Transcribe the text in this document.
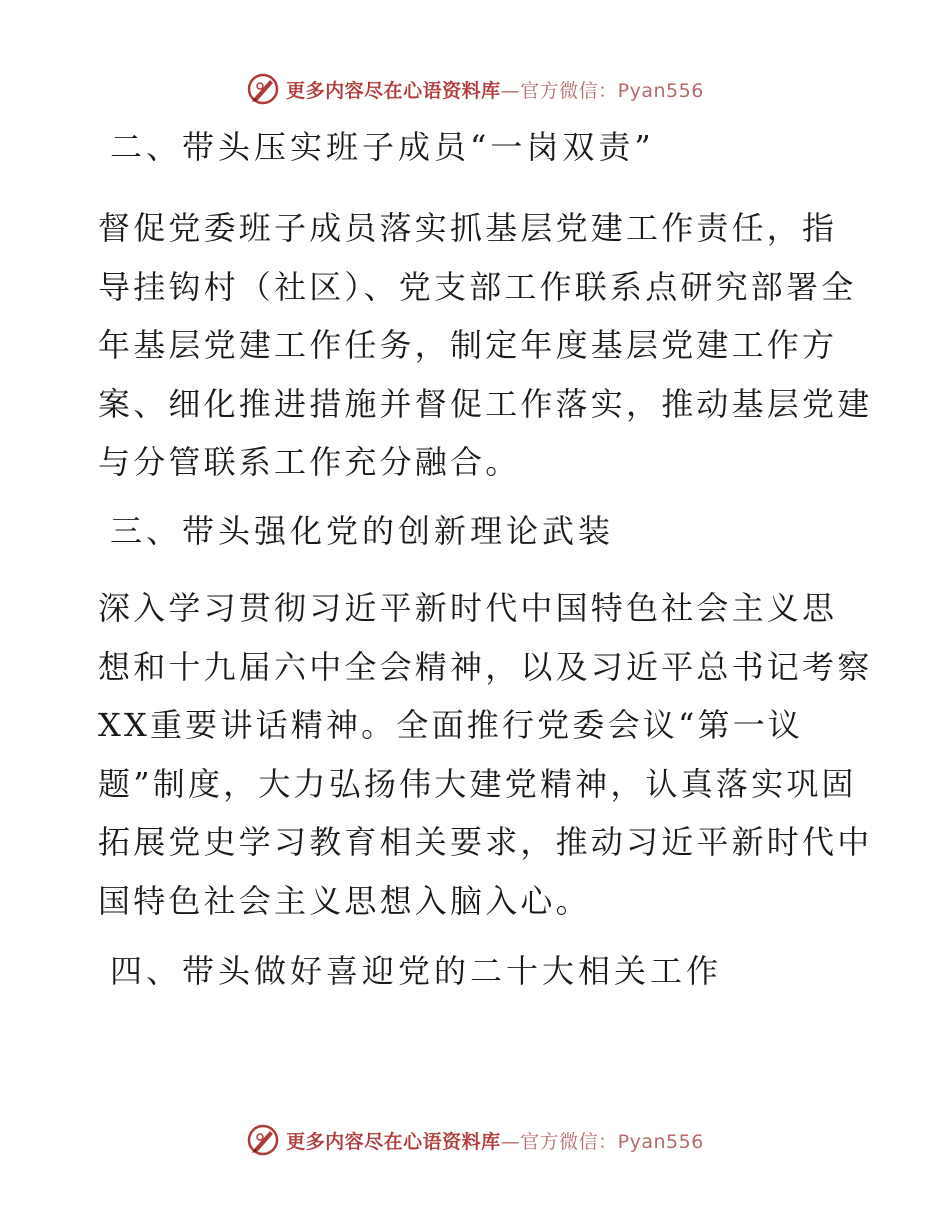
更多内容尽在心语资料库—官方微信：Pyan556
二、带头压实班子成员“一岗双责”

督促党委班子成员落实抓基层党建工作责任，指
导挂钩村（社区）、党支部工作联系点研究部署全
年基层党建工作任务，制定年度基层党建工作方
案、细化推进措施并督促工作落实，推动基层党建
与分管联系工作充分融合。

三、带头强化党的创新理论武装

深入学习贯彻习近平新时代中国特色社会主义思
想和十九届六中全会精神，以及习近平总书记考察
XX重要讲话精神。全面推行党委会议“第一议
题”制度，大力弘扬伟大建党精神，认真落实巩固
拓展党史学习教育相关要求，推动习近平新时代中
国特色社会主义思想入脑入心。

四、带头做好喜迎党的二十大相关工作
更多内容尽在心语资料库—官方微信：Pyan556
